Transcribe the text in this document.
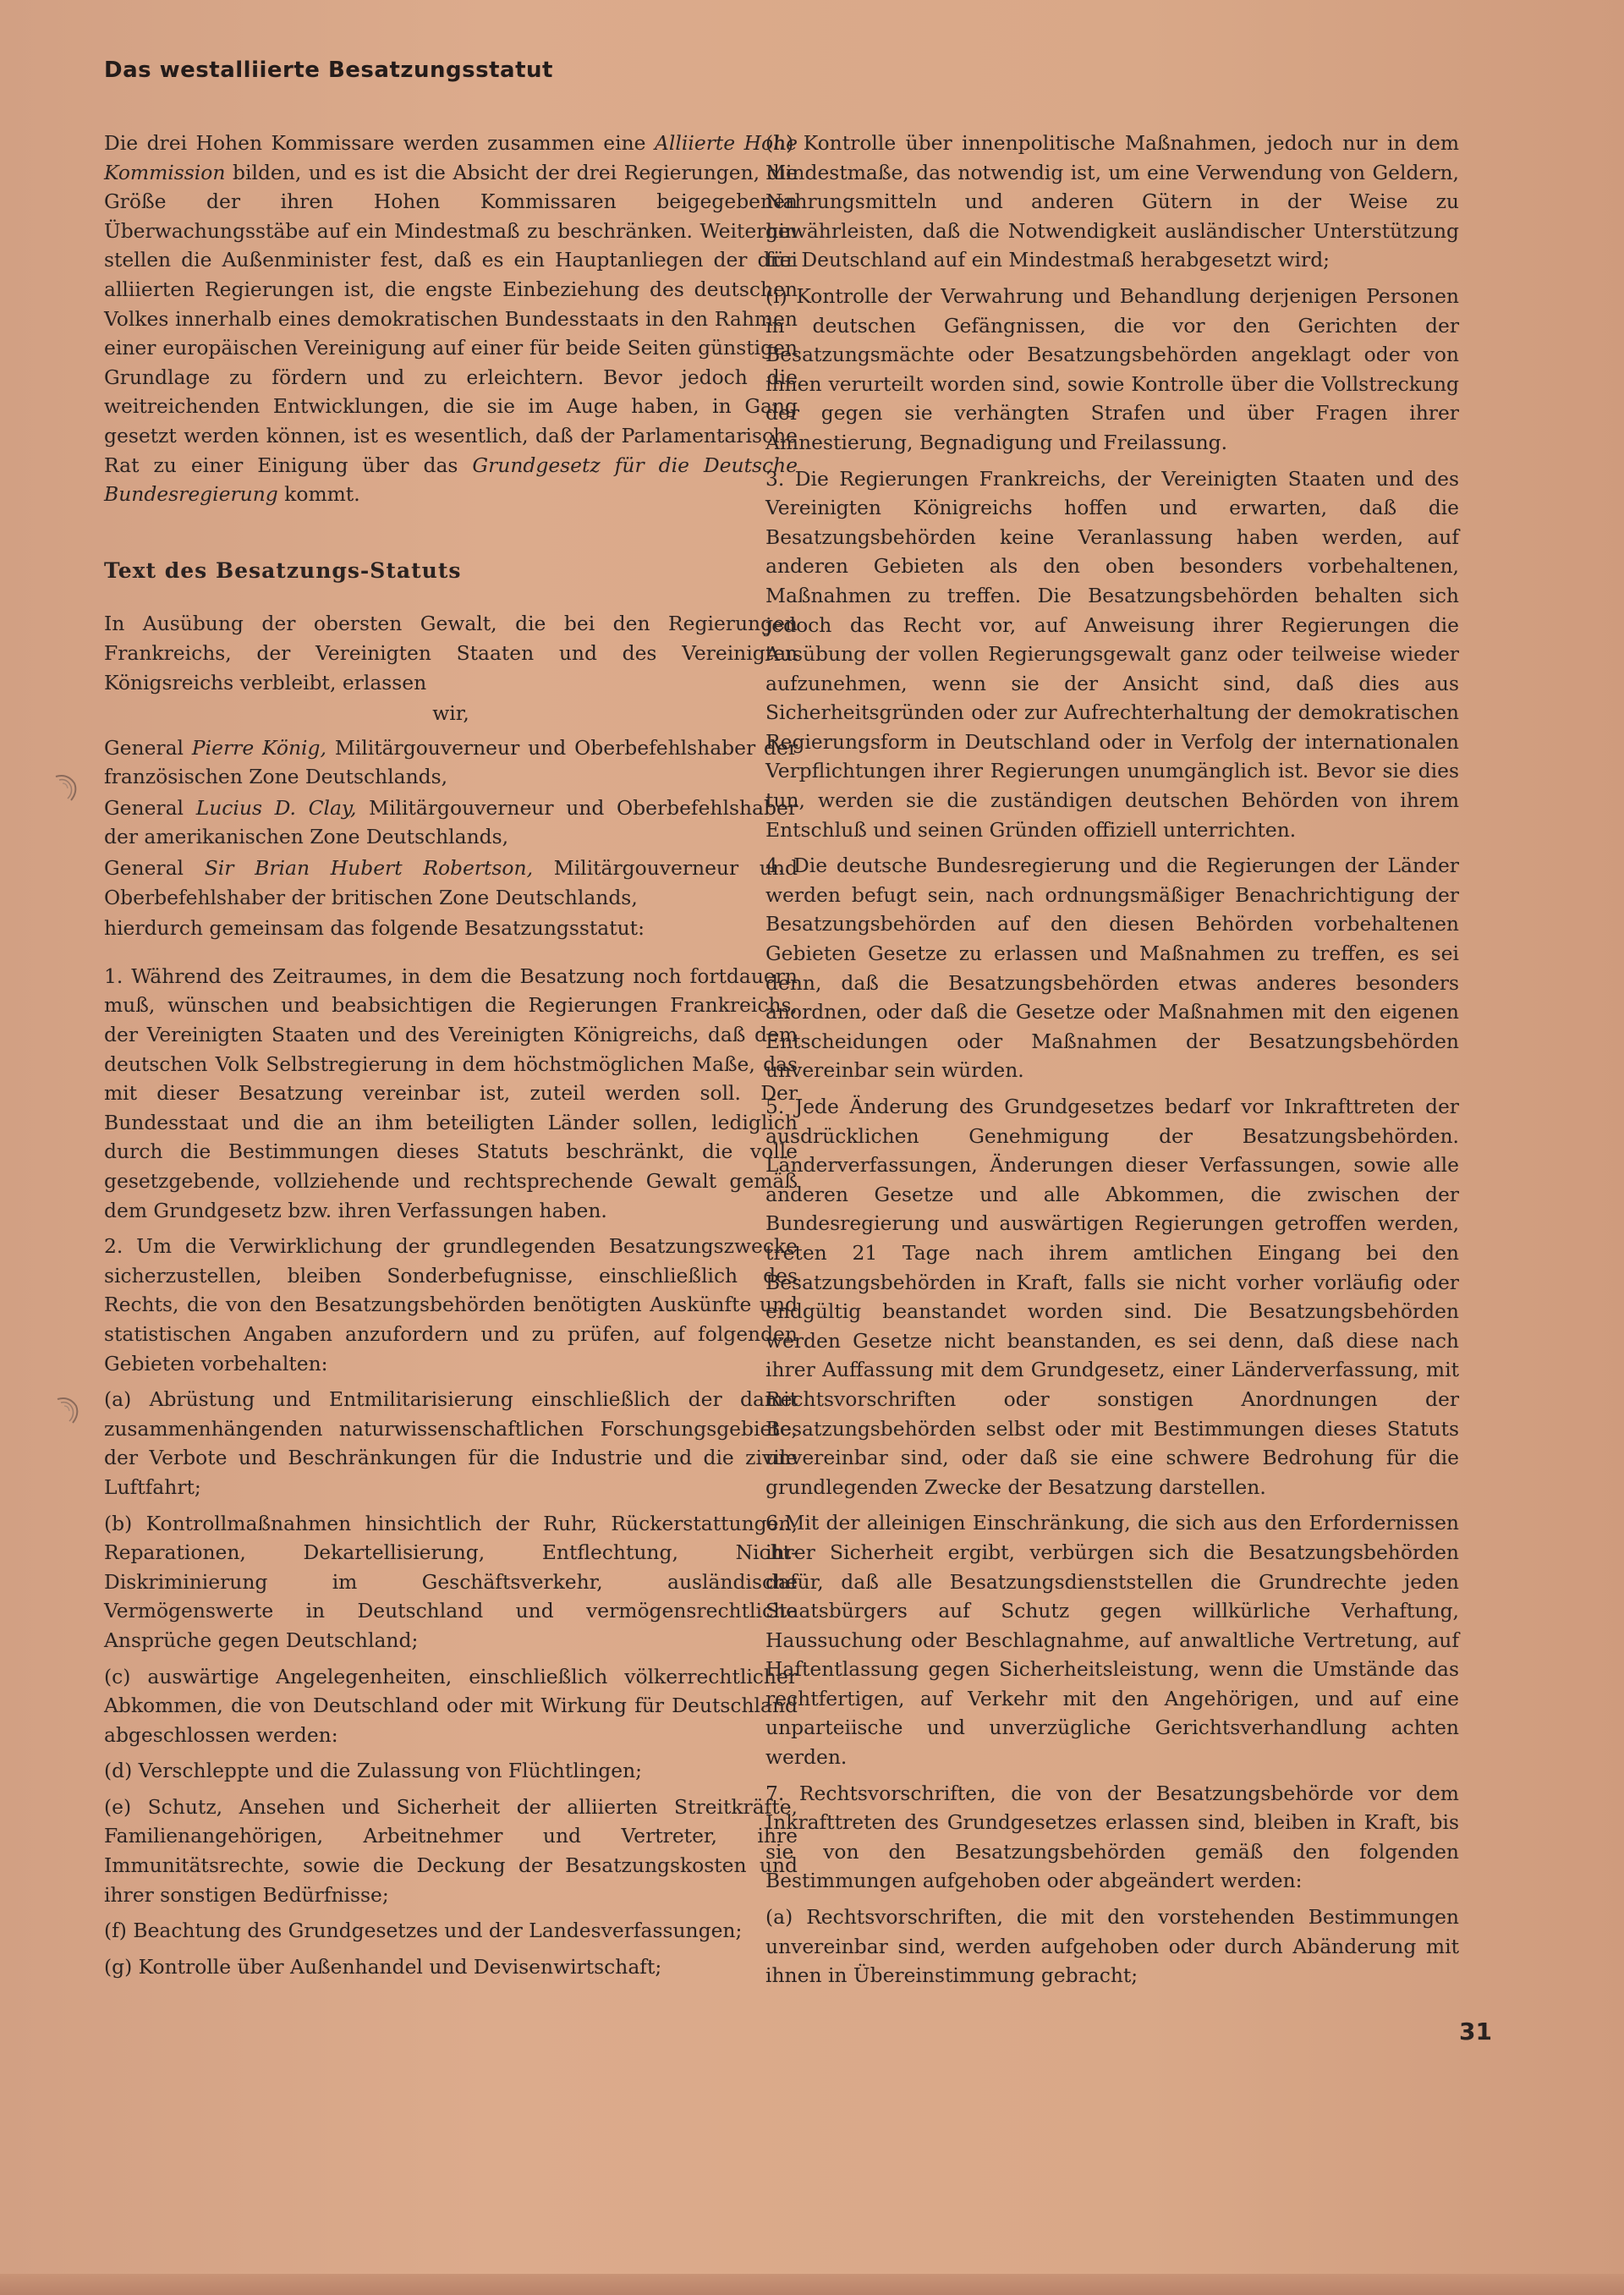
Das westalliierte Besatzungsstatut

Die drei Hohen Kommissare werden zusammen eine Alliierte Hohe Kommission bilden, und es ist die Absicht der drei Regierungen, die Größe der ihren Hohen Kommissaren beigegebenen Überwachungsstäbe auf ein Mindestmaß zu beschränken. Weiterhin stellen die Außenminister fest, daß es ein Hauptanliegen der drei alliierten Regierungen ist, die engste Einbeziehung des deutschen Volkes innerhalb eines demokratischen Bundesstaats in den Rahmen einer europäischen Vereinigung auf einer für beide Seiten günstigen Grundlage zu fördern und zu erleichtern. Bevor jedoch die weitreichenden Entwicklungen, die sie im Auge haben, in Gang gesetzt werden können, ist es wesentlich, daß der Parlamentarische Rat zu einer Einigung über das Grundgesetz für die Deutsche Bundesregierung kommt.

Text des Besatzungs-Statuts

In Ausübung der obersten Gewalt, die bei den Regierungen Frankreichs, der Vereinigten Staaten und des Vereinigten Königsreichs verbleibt, erlassen

wir,

General Pierre König, Militärgouverneur und Oberbefehlshaber der französischen Zone Deutschlands,

General Lucius D. Clay, Militärgouverneur und Oberbefehlshaber der amerikanischen Zone Deutschlands,

General Sir Brian Hubert Robertson, Militärgouverneur und Oberbefehlshaber der britischen Zone Deutschlands,

hierdurch gemeinsam das folgende Besatzungsstatut:

1. Während des Zeitraumes, in dem die Besatzung noch fortdauern muß, wünschen und beabsichtigen die Regierungen Frankreichs, der Vereinigten Staaten und des Vereinigten Königreichs, daß dem deutschen Volk Selbstregierung in dem höchstmöglichen Maße, das mit dieser Besatzung vereinbar ist, zuteil werden soll. Der Bundesstaat und die an ihm beteiligten Länder sollen, lediglich durch die Bestimmungen dieses Statuts beschränkt, die volle gesetzgebende, vollziehende und rechtsprechende Gewalt gemäß dem Grundgesetz bzw. ihren Verfassungen haben.

2. Um die Verwirklichung der grundlegenden Besatzungszwecke sicherzustellen, bleiben Sonderbefugnisse, einschließlich des Rechts, die von den Besatzungsbehörden benötigten Auskünfte und statistischen Angaben anzufordern und zu prüfen, auf folgenden Gebieten vorbehalten:

(a) Abrüstung und Entmilitarisierung einschließlich der damit zusammenhängenden naturwissenschaftlichen Forschungsgebiete, der Verbote und Beschränkungen für die Industrie und die zivile Luftfahrt;

(b) Kontrollmaßnahmen hinsichtlich der Ruhr, Rückerstattungen, Reparationen, Dekartellisierung, Entflechtung, Nicht-Diskriminierung im Geschäftsverkehr, ausländische Vermögenswerte in Deutschland und vermögensrechtliche Ansprüche gegen Deutschland;

(c) auswärtige Angelegenheiten, einschließlich völkerrechtlicher Abkommen, die von Deutschland oder mit Wirkung für Deutschland abgeschlossen werden:

(d) Verschleppte und die Zulassung von Flüchtlingen;

(e) Schutz, Ansehen und Sicherheit der alliierten Streitkräfte, Familienangehörigen, Arbeitnehmer und Vertreter, ihre Immunitätsrechte, sowie die Deckung der Besatzungskosten und ihrer sonstigen Bedürfnisse;

(f) Beachtung des Grundgesetzes und der Landesverfassungen;

(g) Kontrolle über Außenhandel und Devisenwirtschaft;

(h) Kontrolle über innenpolitische Maßnahmen, jedoch nur in dem Mindestmaße, das notwendig ist, um eine Verwendung von Geldern, Nahrungsmitteln und anderen Gütern in der Weise zu gewährleisten, daß die Notwendigkeit ausländischer Unterstützung für Deutschland auf ein Mindestmaß herabgesetzt wird;

(i) Kontrolle der Verwahrung und Behandlung derjenigen Personen in deutschen Gefängnissen, die vor den Gerichten der Besatzungsmächte oder Besatzungsbehörden angeklagt oder von ihnen verurteilt worden sind, sowie Kontrolle über die Vollstreckung der gegen sie verhängten Strafen und über Fragen ihrer Amnestierung, Begnadigung und Freilassung.

3. Die Regierungen Frankreichs, der Vereinigten Staaten und des Vereinigten Königreichs hoffen und erwarten, daß die Besatzungsbehörden keine Veranlassung haben werden, auf anderen Gebieten als den oben besonders vorbehaltenen, Maßnahmen zu treffen. Die Besatzungsbehörden behalten sich jedoch das Recht vor, auf Anweisung ihrer Regierungen die Ausübung der vollen Regierungsgewalt ganz oder teilweise wieder aufzunehmen, wenn sie der Ansicht sind, daß dies aus Sicherheitsgründen oder zur Aufrechterhaltung der demokratischen Regierungsform in Deutschland oder in Verfolg der internationalen Verpflichtungen ihrer Regierungen unumgänglich ist. Bevor sie dies tun, werden sie die zuständigen deutschen Behörden von ihrem Entschluß und seinen Gründen offiziell unterrichten.

4. Die deutsche Bundesregierung und die Regierungen der Länder werden befugt sein, nach ordnungsmäßiger Benachrichtigung der Besatzungsbehörden auf den diesen Behörden vorbehaltenen Gebieten Gesetze zu erlassen und Maßnahmen zu treffen, es sei denn, daß die Besatzungsbehörden etwas anderes besonders anordnen, oder daß die Gesetze oder Maßnahmen mit den eigenen Entscheidungen oder Maßnahmen der Besatzungsbehörden unvereinbar sein würden.

5. Jede Änderung des Grundgesetzes bedarf vor Inkrafttreten der ausdrücklichen Genehmigung der Besatzungsbehörden. Länderverfassungen, Änderungen dieser Verfassungen, sowie alle anderen Gesetze und alle Abkommen, die zwischen der Bundesregierung und auswärtigen Regierungen getroffen werden, treten 21 Tage nach ihrem amtlichen Eingang bei den Besatzungsbehörden in Kraft, falls sie nicht vorher vorläufig oder endgültig beanstandet worden sind. Die Besatzungsbehörden werden Gesetze nicht beanstanden, es sei denn, daß diese nach ihrer Auffassung mit dem Grundgesetz, einer Länderverfassung, mit Rechtsvorschriften oder sonstigen Anordnungen der Besatzungsbehörden selbst oder mit Bestimmungen dieses Statuts unvereinbar sind, oder daß sie eine schwere Bedrohung für die grundlegenden Zwecke der Besatzung darstellen.

6.Mit der alleinigen Einschränkung, die sich aus den Erfordernissen ihrer Sicherheit ergibt, verbürgen sich die Besatzungsbehörden dafür, daß alle Besatzungsdienststellen die Grundrechte jeden Staatsbürgers auf Schutz gegen willkürliche Verhaftung, Haussuchung oder Beschlagnahme, auf anwaltliche Vertretung, auf Haftentlassung gegen Sicherheitsleistung, wenn die Umstände das rechtfertigen, auf Verkehr mit den Angehörigen, und auf eine unparteiische und unverzügliche Gerichtsverhandlung achten werden.

7. Rechtsvorschriften, die von der Besatzungsbehörde vor dem Inkrafttreten des Grundgesetzes erlassen sind, bleiben in Kraft, bis sie von den Besatzungsbehörden gemäß den folgenden Bestimmungen aufgehoben oder abgeändert werden:

(a) Rechtsvorschriften, die mit den vorstehenden Bestimmungen unvereinbar sind, werden aufgehoben oder durch Abänderung mit ihnen in Übereinstimmung gebracht;

31
